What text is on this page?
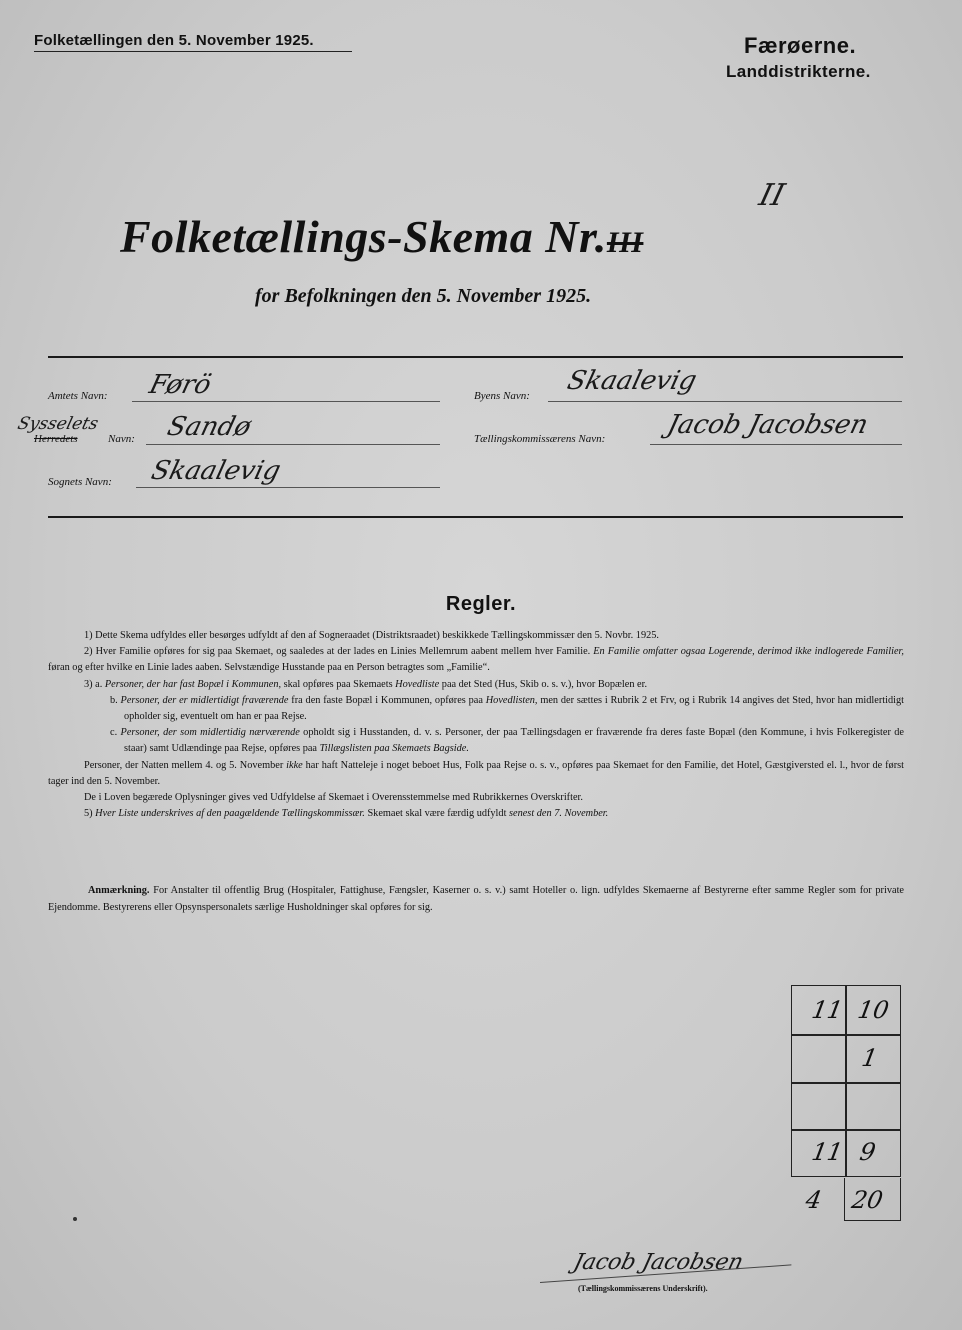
Folketællingen den 5. November 1925.	Færøerne.
Landdistrikterne.
Folketællings-Skema Nr.III
II
for Befolkningen den 5. November 1925.
Amtets Navn: Førö
Sysselets
Herredets	Navn: Sandø
Sognets Navn: Skaalevig
Byens Navn: Skaalevig
Tællingskommissærens Navn: Jacob Jacobsen
Regler.

1) Dette Skema udfyldes eller besørges udfyldt af den af Sogneraadet (Distriktsraadet) beskikkede Tællingskommissær den 5. Novbr. 1925.

2) Hver Familie opføres for sig paa Skemaet, og saaledes at der lades en Linies Mellemrum aabent mellem hver Familie. En Familie omfatter ogsaa Logerende, derimod ikke indlogerede Familier, føran og efter hvilke en Linie lades aaben. Selvstændige Husstande paa en Person betragtes som „Familie“.

3) a. Personer, der har fast Bopæl i Kommunen, skal opføres paa Skemaets Hovedliste paa det Sted (Hus, Skib o. s. v.), hvor Bopælen er.

b. Personer, der er midlertidigt fraværende fra den faste Bopæl i Kommunen, opføres paa Hovedlisten, men der sættes i Rubrik 2 et Frv, og i Rubrik 14 angives det Sted, hvor han midlertidigt opholder sig, eventuelt om han er paa Rejse.

c. Personer, der som midlertidig nærværende opholdt sig i Husstanden, d. v. s. Personer, der paa Tællingsdagen er fraværende fra deres faste Bopæl (den Kommune, i hvis Folkeregister de staar) samt Udlændinge paa Rejse, opføres paa Tillægslisten paa Skemaets Bagside.

Personer, der Natten mellem 4. og 5. November ikke har haft Natteleje i noget beboet Hus, Folk paa Rejse o. s. v., opføres paa Skemaet for den Familie, det Hotel, Gæstgiversted el. l., hvor de først tager ind den 5. November.

De i Loven begærede Oplysninger gives ved Udfyldelse af Skemaet i Overensstemmelse med Rubrikkernes Overskrifter.

5) Hver Liste underskrives af den paagældende Tællingskommissær. Skemaet skal være færdig udfyldt senest den 7. November.

Anmærkning. For Anstalter til offentlig Brug (Hospitaler, Fattighuse, Fængsler, Kaserner o. s. v.) samt Hoteller o. lign. udfyldes Skemaerne af Bestyrerne efter samme Regler som for private Ejendomme. Bestyrerens eller Opsynspersonalets særlige Husholdninger skal opføres for sig.
11 10
1
11 9
4 20
Jacob Jacobsen
(Tællingskommissærens Underskrift).
